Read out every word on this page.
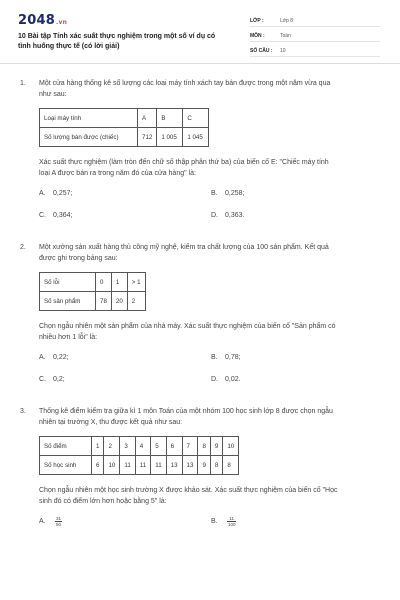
2048.vn
10 Bài tập Tính xác suất thực nghiệm trong một số ví dụ có
tình huống thực tế (có lời giải)
LỚP :	Lớp 8
MÔN :	Toán
SỐ CÂU :	10
1. Một cửa hàng thống kê số lượng các loại máy tính xách tay bán được trong một năm vừa qua
như sau:
Loại máy tính	A	B	C
Số lượng bán được (chiếc)	712	1 005	1 045
Xác suất thực nghiệm (làm tròn đến chữ số thập phân thứ ba) của biến cố E: "Chiếc máy tính
loại A được bán ra trong năm đó của cửa hàng" là:
A. 0,257;	B. 0,258;
C. 0,364;	D. 0,363.
2. Một xưởng sản xuất hàng thủ công mỹ nghệ, kiểm tra chất lượng của 100 sản phẩm. Kết quả
được ghi trong bảng sau:
Số lỗi	0	1	> 1
Số sản phẩm	78	20	2
Chọn ngẫu nhiên một sản phẩm của nhà máy. Xác suất thực nghiệm của biến cố "Sản phẩm có
nhiều hơn 1 lỗi" là:
A. 0,22;	B. 0,78;
C. 0,2;	D. 0,02.
3. Thống kê điểm kiểm tra giữa kì 1 môn Toán của một nhóm 100 học sinh lớp 8 được chọn ngẫu
nhiên tại trường X, thu được kết quả như sau:
Số điểm	1	2	3	4	5	6	7	8	9	10
Số học sinh	6	10	11	11	11	13	13	9	8	8
Chọn ngẫu nhiên một học sinh trường X được khảo sát. Xác suất thực nghiệm của biến cố "Học
sinh đó có điểm lớn hơn hoặc bằng 5" là:
A. $\frac{31}{50}$	B. $\frac{11}{100}$
